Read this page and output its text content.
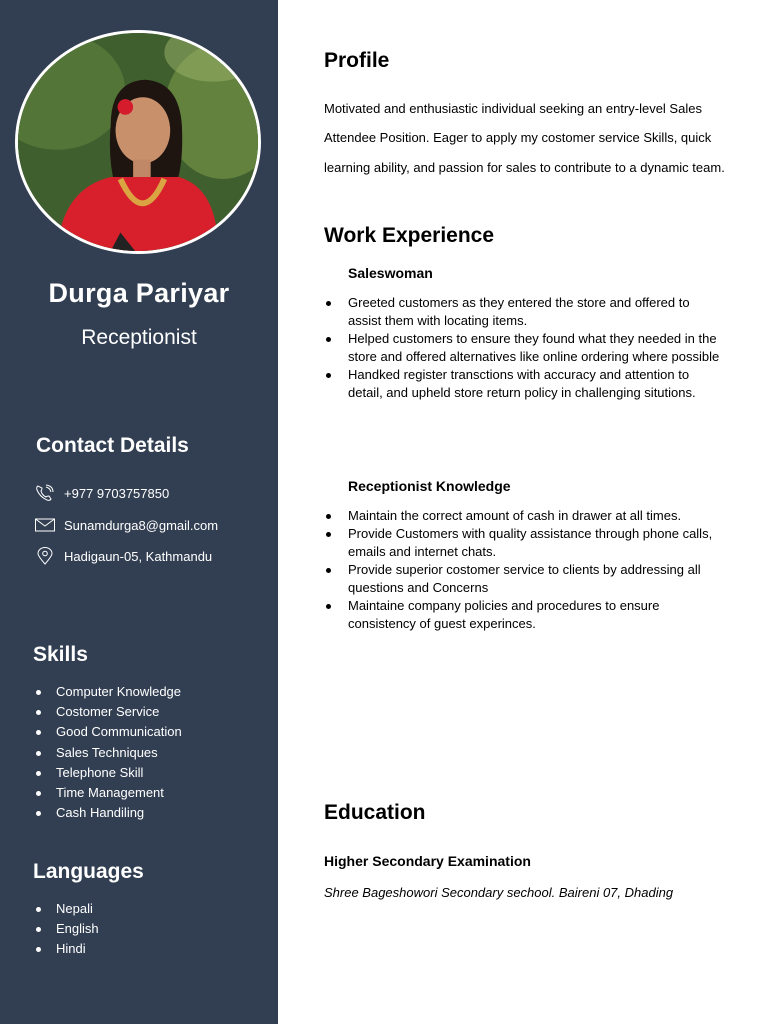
Durga Pariyar
Receptionist
Contact Details
+977 9703757850
Sunamdurga8@gmail.com
Hadigaun-05, Kathmandu
Skills
Computer Knowledge
Costomer Service
Good Communication
Sales Techniques
Telephone Skill
Time Management
Cash Handiling
Languages
Nepali
English
Hindi
Profile

Motivated and enthusiastic individual seeking an entry-level Sales Attendee Position. Eager to apply my costomer service Skills, quick learning ability, and passion for sales to contribute to a dynamic team.

Work Experience
Saleswoman
Greeted customers as they entered the store and offered to assist them with locating items.
Helped customers to ensure they found what they needed in the store and offered alternatives like online ordering where possible
Handked register transctions with accuracy and attention to detail, and upheld store return policy in challenging situtions.
Receptionist Knowledge
Maintain the correct amount of cash in drawer at all times.
Provide Customers with quality assistance through phone calls, emails and internet chats.
Provide superior costomer service to clients by addressing all questions and Concerns
Maintaine company policies and procedures to ensure consistency of guest experinces.
Education
Higher Secondary Examination
Shree Bageshowori Secondary sechool. Baireni 07, Dhading
